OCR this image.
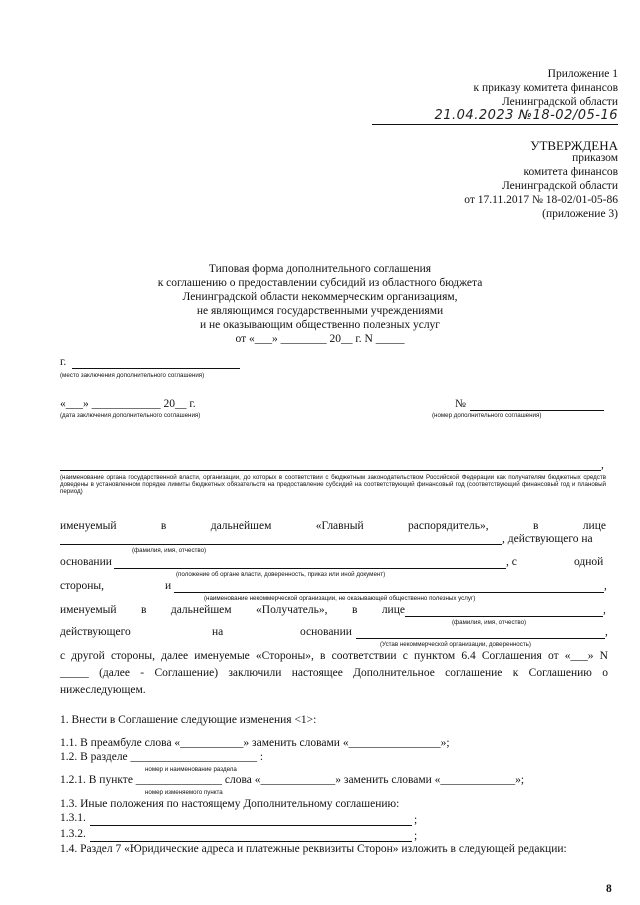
Приложение 1
к приказу комитета финансов
Ленинградской области
21.04.2023 №18-02/05-16
УТВЕРЖДЕНА
приказом
комитета финансов
Ленинградской области
от 17.11.2017 № 18-02/01-05-86
(приложение 3)
Типовая форма дополнительного соглашения
к соглашению о предоставлении субсидий из областного бюджета
Ленинградской области некоммерческим организациям,
не являющимся государственными учреждениями
и не оказывающим общественно полезных услуг
от «___» ________ 20__ г. N _____
г.
(место заключения дополнительного соглашения)
«___» ____________ 20__ г.
(дата заключения дополнительного соглашения)
№
(номер дополнительного соглашения)
,
(наименование органа государственной власти, организации, до которых в соответствии с бюджетным законодательством Российской Федерации как получателям бюджетных средств доведены в установленном порядке лимиты бюджетных обязательств на предоставление субсидий на соответствующий финансовый год (соответствующий финансовый год и плановый период)
именуемый	в	дальнейшем	«Главный	распорядитель»,	в	лице
, действующего на
(фамилия, имя, отчество)
основании	, с	одной
(положение об органе власти, доверенность, приказ или иной документ)
стороны,	и	,
(наименование некоммерческой организации, не оказывающей общественно полезных услуг)
именуемый в дальнейшем «Получатель», в лице	,
(фамилия, имя, отчество)
действующего	на	основании	,
(Устав некоммерческой организации, доверенность)
с другой стороны, далее именуемые «Стороны», в соответствии с пунктом 6.4 Соглашения от «___» N
_____ (далее - Соглашение) заключили настоящее Дополнительное соглашение к Соглашению о
нижеследующем.
1. Внести в Соглашение следующие изменения <1>:
1.1. В преамбуле слова «___________» заменить словами «________________»;
1.2. В разделе ______________________ :
номер и наименование раздела
1.2.1. В пункте _______________ слова «_____________» заменить словами «_____________»;
номер изменяемого пункта
1.3. Иные положения по настоящему Дополнительному соглашению:
1.3.1.	;
1.3.2.	;
1.4. Раздел 7 «Юридические адреса и платежные реквизиты Сторон» изложить в следующей редакции:
8
